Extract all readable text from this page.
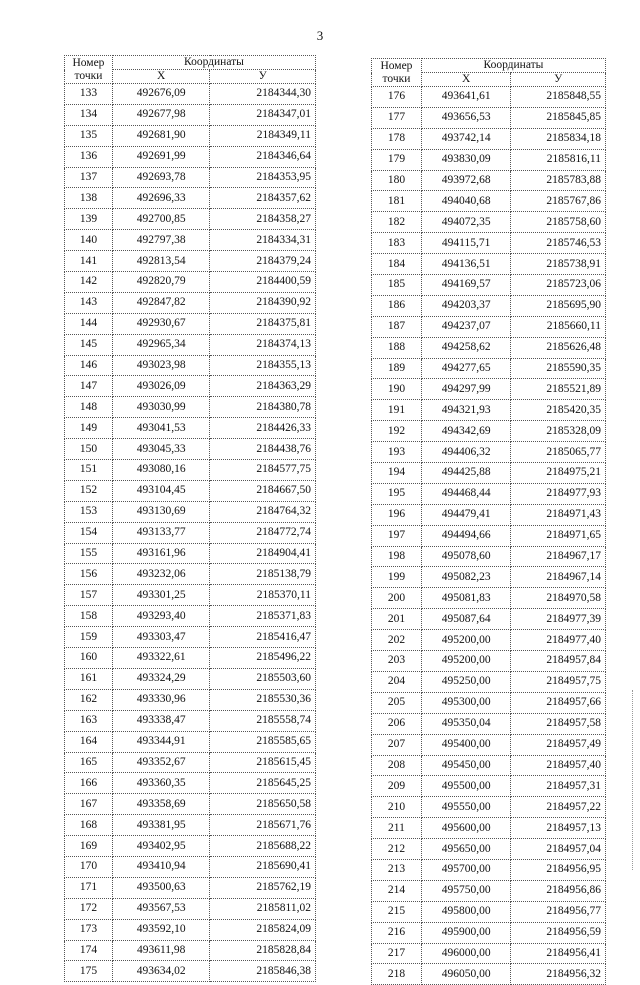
3
Номер точки	Координаты	
	X	У
133	492676,09	2184344,30
134	492677,98	2184347,01
135	492681,90	2184349,11
136	492691,99	2184346,64
137	492693,78	2184353,95
138	492696,33	2184357,62
139	492700,85	2184358,27
140	492797,38	2184334,31
141	492813,54	2184379,24
142	492820,79	2184400,59
143	492847,82	2184390,92
144	492930,67	2184375,81
145	492965,34	2184374,13
146	493023,98	2184355,13
147	493026,09	2184363,29
148	493030,99	2184380,78
149	493041,53	2184426,33
150	493045,33	2184438,76
151	493080,16	2184577,75
152	493104,45	2184667,50
153	493130,69	2184764,32
154	493133,77	2184772,74
155	493161,96	2184904,41
156	493232,06	2185138,79
157	493301,25	2185370,11
158	493293,40	2185371,83
159	493303,47	2185416,47
160	493322,61	2185496,22
161	493324,29	2185503,60
162	493330,96	2185530,36
163	493338,47	2185558,74
164	493344,91	2185585,65
165	493352,67	2185615,45
166	493360,35	2185645,25
167	493358,69	2185650,58
168	493381,95	2185671,76
169	493402,95	2185688,22
170	493410,94	2185690,41
171	493500,63	2185762,19
172	493567,53	2185811,02
173	493592,10	2185824,09
174	493611,98	2185828,84
175	493634,02	2185846,38
Номер точки	Координаты	
	X	У
176	493641,61	2185848,55
177	493656,53	2185845,85
178	493742,14	2185834,18
179	493830,09	2185816,11
180	493972,68	2185783,88
181	494040,68	2185767,86
182	494072,35	2185758,60
183	494115,71	2185746,53
184	494136,51	2185738,91
185	494169,57	2185723,06
186	494203,37	2185695,90
187	494237,07	2185660,11
188	494258,62	2185626,48
189	494277,65	2185590,35
190	494297,99	2185521,89
191	494321,93	2185420,35
192	494342,69	2185328,09
193	494406,32	2185065,77
194	494425,88	2184975,21
195	494468,44	2184977,93
196	494479,41	2184971,43
197	494494,66	2184971,65
198	495078,60	2184967,17
199	495082,23	2184967,14
200	495081,83	2184970,58
201	495087,64	2184977,39
202	495200,00	2184977,40
203	495200,00	2184957,84
204	495250,00	2184957,75
205	495300,00	2184957,66
206	495350,04	2184957,58
207	495400,00	2184957,49
208	495450,00	2184957,40
209	495500,00	2184957,31
210	495550,00	2184957,22
211	495600,00	2184957,13
212	495650,00	2184957,04
213	495700,00	2184956,95
214	495750,00	2184956,86
215	495800,00	2184956,77
216	495900,00	2184956,59
217	496000,00	2184956,41
218	496050,00	2184956,32
